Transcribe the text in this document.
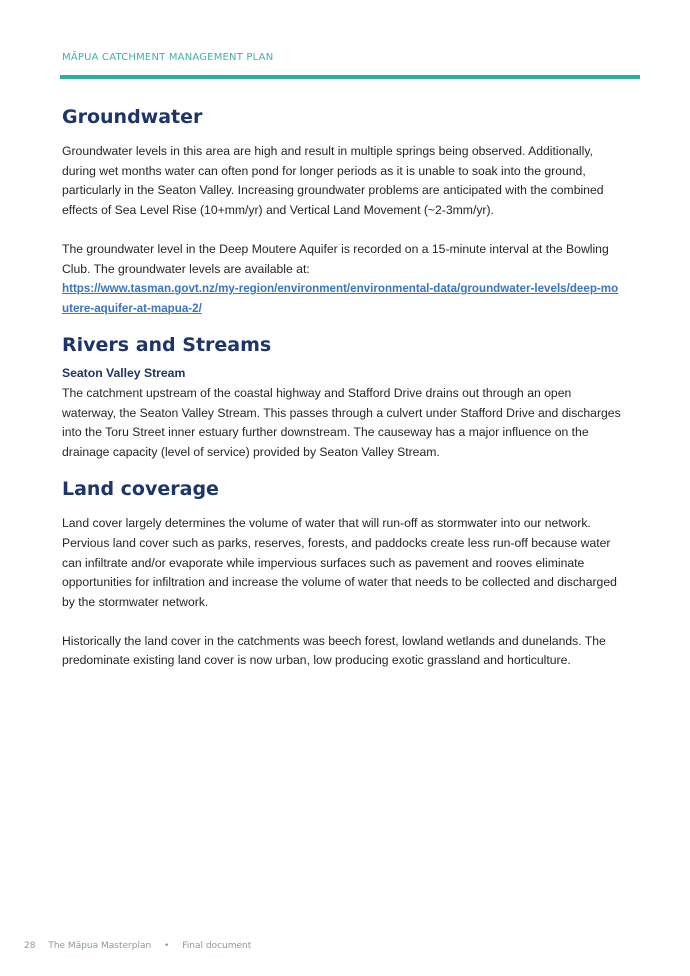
MĀPUA CATCHMENT MANAGEMENT PLAN
Groundwater

Groundwater levels in this area are high and result in multiple springs being observed. Additionally, during wet months water can often pond for longer periods as it is unable to soak into the ground, particularly in the Seaton Valley. Increasing groundwater problems are anticipated with the combined effects of Sea Level Rise (10+mm/yr) and Vertical Land Movement (~2-3mm/yr).

The groundwater level in the Deep Moutere Aquifer is recorded on a 15-minute interval at the Bowling Club. The groundwater levels are available at:

https://www.tasman.govt.nz/my-region/environment/environmental-data/groundwater-levels/deep-moutere-aquifer-at-mapua-2/
Rivers and Streams
Seaton Valley Stream

The catchment upstream of the coastal highway and Stafford Drive drains out through an open waterway, the Seaton Valley Stream. This passes through a culvert under Stafford Drive and discharges into the Toru Street inner estuary further downstream. The causeway has a major influence on the drainage capacity (level of service) provided by Seaton Valley Stream.

Land coverage

Land cover largely determines the volume of water that will run-off as stormwater into our network. Pervious land cover such as parks, reserves, forests, and paddocks create less run-off because water can infiltrate and/or evaporate while impervious surfaces such as pavement and rooves eliminate opportunities for infiltration and increase the volume of water that needs to be collected and discharged by the stormwater network.

Historically the land cover in the catchments was beech forest, lowland wetlands and dunelands. The predominate existing land cover is now urban, low producing exotic grassland and horticulture.

28 The Māpua Masterplan • Final document
